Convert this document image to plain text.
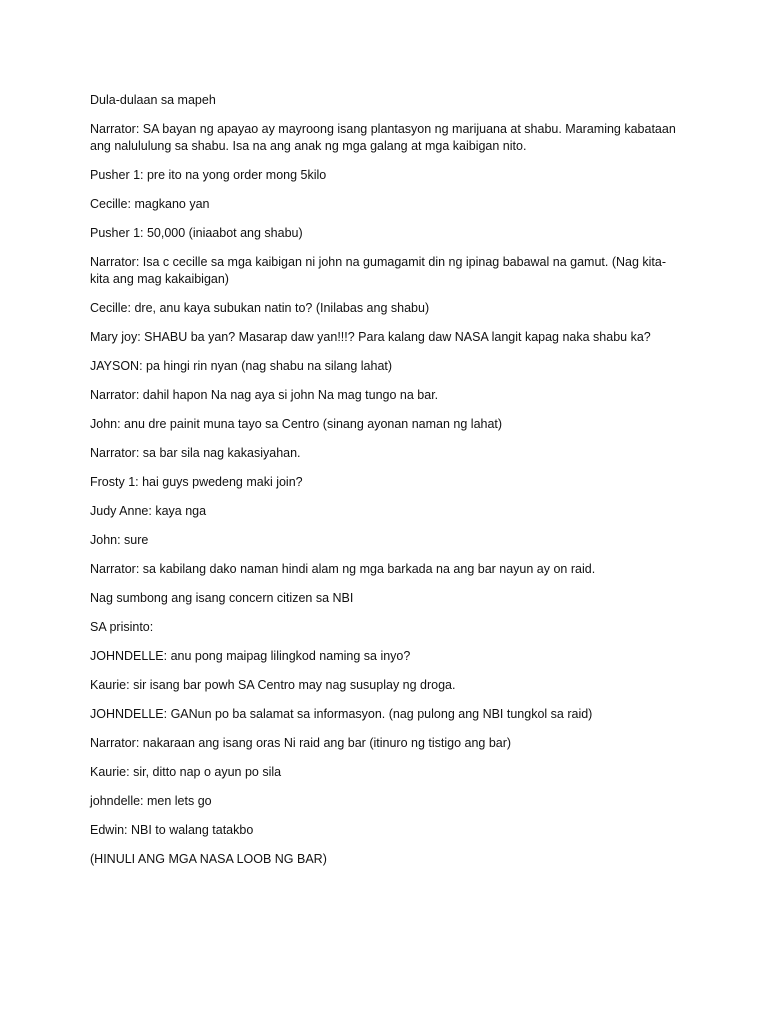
Dula-dulaan sa mapeh

Narrator: SA bayan ng apayao ay mayroong isang plantasyon ng marijuana at shabu. Maraming kabataan ang nalululung sa shabu. Isa na ang anak ng mga galang at mga kaibigan nito.

Pusher 1: pre ito na yong order mong 5kilo

Cecille: magkano yan

Pusher 1: 50,000 (iniaabot ang shabu)

Narrator: Isa c cecille sa mga kaibigan ni john na gumagamit din ng ipinag babawal na gamut. (Nag kita-kita ang mag kakaibigan)

Cecille: dre, anu kaya subukan natin to? (Inilabas ang shabu)

Mary joy: SHABU ba yan? Masarap daw yan!!!? Para kalang daw NASA langit kapag naka shabu ka?

JAYSON: pa hingi rin nyan (nag shabu na silang lahat)

Narrator: dahil hapon Na nag aya si john Na mag tungo na bar.

John: anu dre painit muna tayo sa Centro (sinang ayonan naman ng lahat)

Narrator: sa bar sila nag kakasiyahan.

Frosty 1: hai guys pwedeng maki join?

Judy Anne: kaya nga

John: sure

Narrator: sa kabilang dako naman hindi alam ng mga barkada na ang bar nayun ay on raid.

Nag sumbong ang isang concern citizen sa NBI

SA prisinto:

JOHNDELLE: anu pong maipag lilingkod naming sa inyo?

Kaurie: sir isang bar powh SA Centro may nag susuplay ng droga.

JOHNDELLE: GANun po ba salamat sa informasyon. (nag pulong ang NBI tungkol sa raid)

Narrator: nakaraan ang isang oras Ni raid ang bar (itinuro ng tistigo ang bar)

Kaurie: sir, ditto nap o ayun po sila

johndelle: men lets go

Edwin: NBI to walang tatakbo

(HINULI ANG MGA NASA LOOB NG BAR)
